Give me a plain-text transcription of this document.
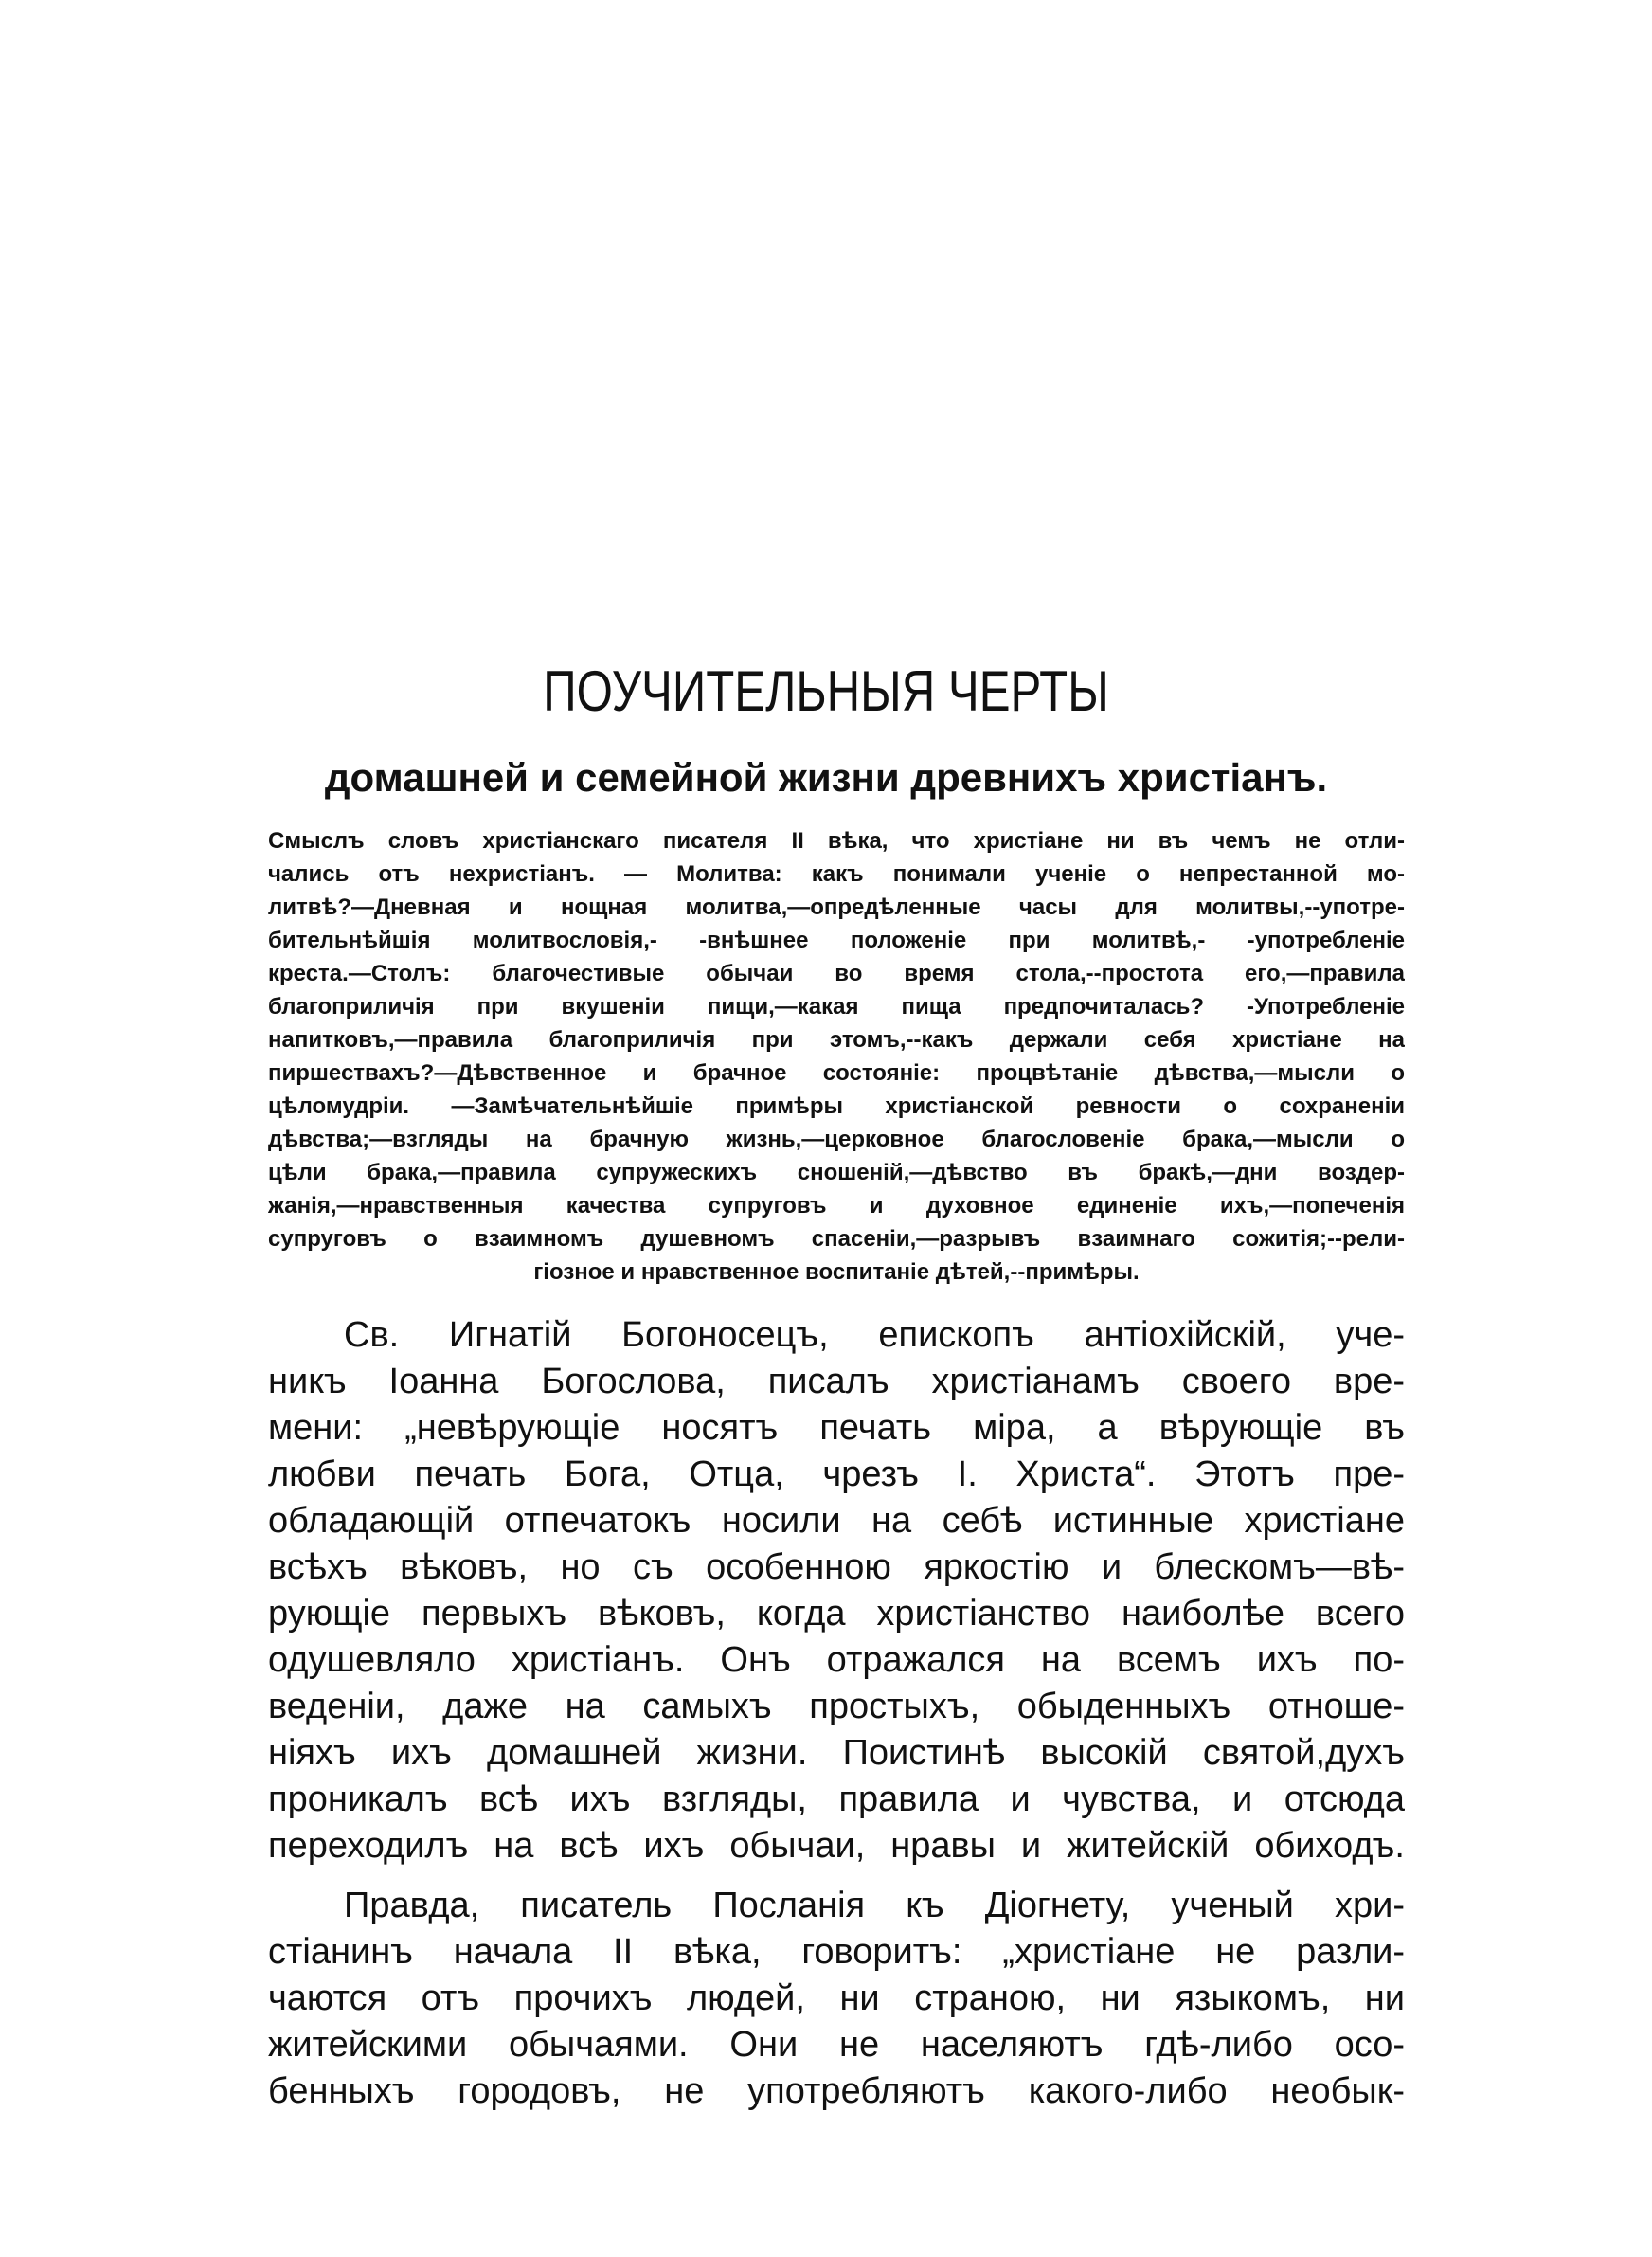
ПОУЧИТЕЛЬНЫЯ ЧЕРТЫ
домашней и семейной жизни древнихъ христіанъ.
Смыслъ словъ христіанскаго писателя II вѣка, что христіане ни въ чемъ не отли-
чались отъ нехристіанъ. — Молитва: какъ понимали ученіе о непрестанной мо-
литвѣ?—Дневная и нощная молитва,—опредѣленные часы для молитвы,--употре-
бительнѣйшія молитвословія,- -внѣшнее положеніе при молитвѣ,- -употребленіе
креста.—Столъ: благочестивые обычаи во время стола,--простота его,—правила
благоприличія при вкушеніи пищи,—какая пища предпочиталась? -Употребленіе
напитковъ,—правила благоприличія при этомъ,--какъ держали себя христіане на
пиршествахъ?—Дѣвственное и брачное состояніе: процвѣтаніе дѣвства,—мысли о
цѣломудріи. —Замѣчательнѣйшіе примѣры христіанской ревности о сохраненіи
дѣвства;—взгляды на брачную жизнь,—церковное благословеніе брака,—мысли о
цѣли брака,—правила супружескихъ сношеній,—дѣвство въ бракѣ,—дни воздер-
жанія,—нравственныя качества супруговъ и духовное единеніе ихъ,—попеченія
супруговъ о взаимномъ душевномъ спасеніи,—разрывъ взаимнаго сожитія;--рели-
гіозное и нравственное воспитаніе дѣтей,--примѣры.
Св. Игнатій Богоносецъ, епископъ антіохійскій, уче-
никъ Іоанна Богослова, писалъ христіанамъ своего вре-
мени: „невѣрующіе носятъ печать міра, а вѣрующіе въ
любви печать Бога, Отца, чрезъ І. Христа“. Этотъ пре-
обладающій отпечатокъ носили на себѣ истинные христіане
всѣхъ вѣковъ, но съ особенною яркостію и блескомъ—вѣ-
рующіе первыхъ вѣковъ, когда христіанство наиболѣе всего
одушевляло христіанъ. Онъ отражался на всемъ ихъ по-
веденіи, даже на самыхъ простыхъ, обыденныхъ отноше-
ніяхъ ихъ домашней жизни. Поистинѣ высокій святой,духъ
проникалъ всѣ ихъ взгляды, правила и чувства, и отсюда
переходилъ на всѣ ихъ обычаи, нравы и житейскій обиходъ.
Правда, писатель Посланія къ Діогнету, ученый хри-
стіанинъ начала II вѣка, говоритъ: „христіане не разли-
чаются отъ прочихъ людей, ни страною, ни языкомъ, ни
житейскими обычаями. Они не населяютъ гдѣ-либо осо-
бенныхъ городовъ, не употребляютъ какого-либо необык-
